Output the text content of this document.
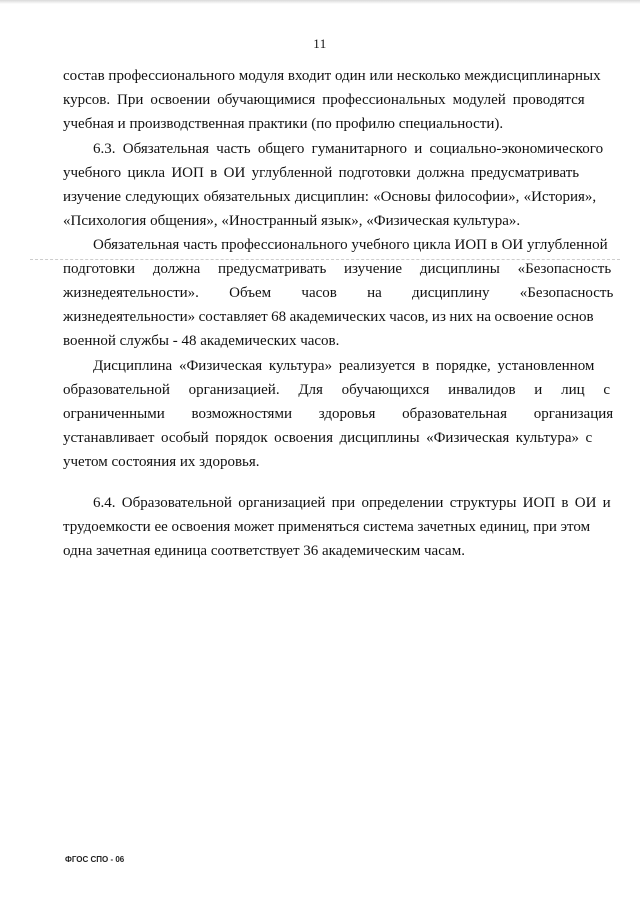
11
состав профессионального модуля входит один или несколько междисциплинарных
курсов. При освоении обучающимися профессиональных модулей проводятся
учебная и производственная практики (по профилю специальности).
6.3. Обязательная часть общего гуманитарного и социально-экономического
учебного цикла ИОП в ОИ углубленной подготовки должна предусматривать
изучение следующих обязательных дисциплин: «Основы философии», «История»,
«Психология общения», «Иностранный язык», «Физическая культура».
Обязательная часть профессионального учебного цикла ИОП в ОИ углубленной
подготовки должна предусматривать изучение дисциплины «Безопасность
жизнедеятельности». Объем часов на дисциплину «Безопасность
жизнедеятельности» составляет 68 академических часов, из них на освоение основ
военной службы - 48 академических часов.
Дисциплина «Физическая культура» реализуется в порядке, установленном
образовательной организацией. Для обучающихся инвалидов и лиц с
ограниченными возможностями здоровья образовательная организация
устанавливает особый порядок освоения дисциплины «Физическая культура» с
учетом состояния их здоровья.
6.4. Образовательной организацией при определении структуры ИОП в ОИ и
трудоемкости ее освоения может применяться система зачетных единиц, при этом
одна зачетная единица соответствует 36 академическим часам.
ФГОС СПО - 06
